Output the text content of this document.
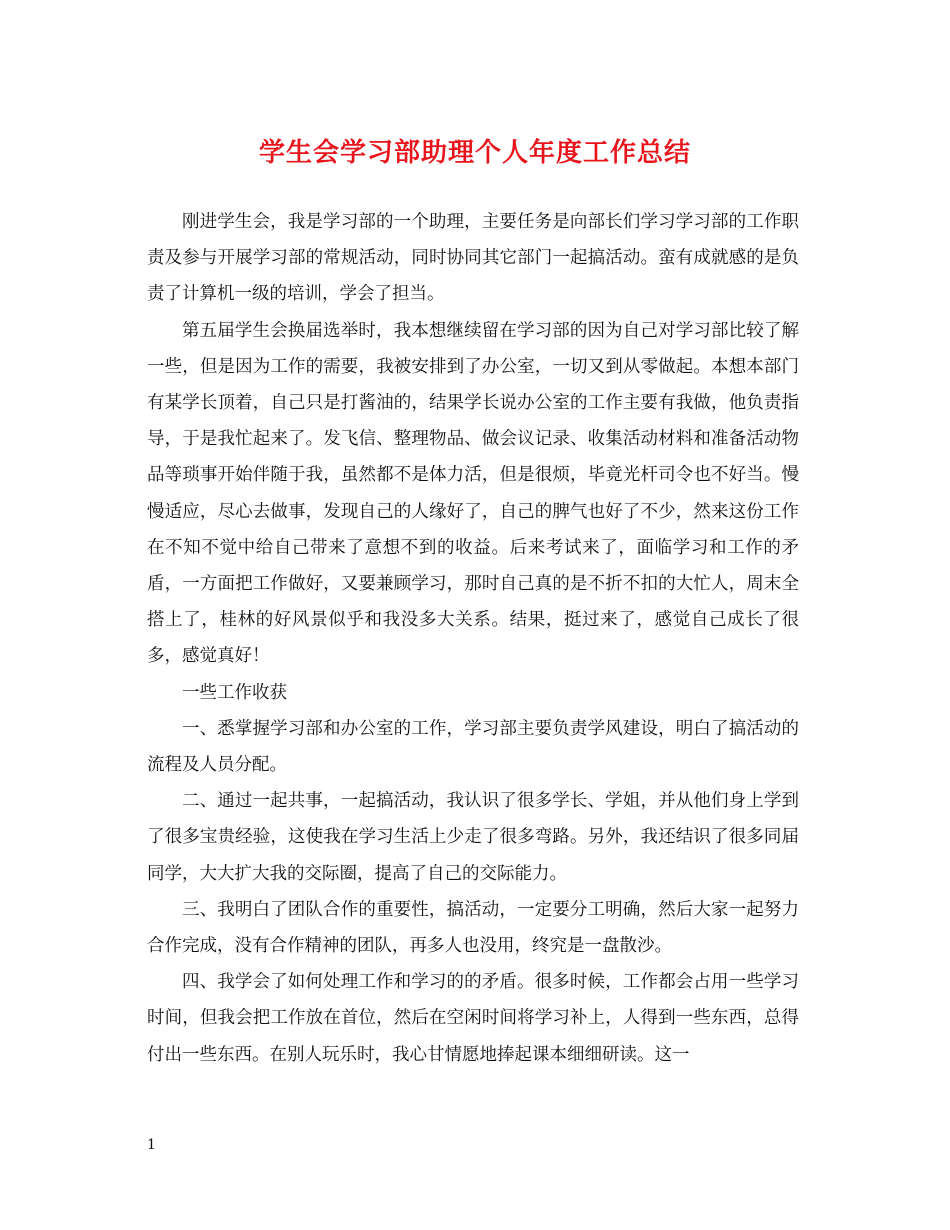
学生会学习部助理个人年度工作总结

刚进学生会，我是学习部的一个助理，主要任务是向部长们学习学习部的工作职责及参与开展学习部的常规活动，同时协同其它部门一起搞活动。蛮有成就感的是负责了计算机一级的培训，学会了担当。

第五届学生会换届选举时，我本想继续留在学习部的因为自己对学习部比较了解一些，但是因为工作的需要，我被安排到了办公室，一切又到从零做起。本想本部门有某学长顶着，自己只是打酱油的，结果学长说办公室的工作主要有我做，他负责指导，于是我忙起来了。发飞信、整理物品、做会议记录、收集活动材料和准备活动物品等琐事开始伴随于我，虽然都不是体力活，但是很烦，毕竟光杆司令也不好当。慢慢适应，尽心去做事，发现自己的人缘好了，自己的脾气也好了不少，然来这份工作在不知不觉中给自己带来了意想不到的收益。后来考试来了，面临学习和工作的矛盾，一方面把工作做好，又要兼顾学习，那时自己真的是不折不扣的大忙人，周末全搭上了，桂林的好风景似乎和我没多大关系。结果，挺过来了，感觉自己成长了很多，感觉真好！

一些工作收获

一、悉掌握学习部和办公室的工作，学习部主要负责学风建设，明白了搞活动的流程及人员分配。

二、通过一起共事，一起搞活动，我认识了很多学长、学姐，并从他们身上学到了很多宝贵经验，这使我在学习生活上少走了很多弯路。另外，我还结识了很多同届同学，大大扩大我的交际圈，提高了自己的交际能力。

三、我明白了团队合作的重要性，搞活动，一定要分工明确，然后大家一起努力合作完成，没有合作精神的团队，再多人也没用，终究是一盘散沙。

四、我学会了如何处理工作和学习的的矛盾。很多时候，工作都会占用一些学习时间，但我会把工作放在首位，然后在空闲时间将学习补上，人得到一些东西，总得付出一些东西。在别人玩乐时，我心甘情愿地捧起课本细细研读。这一

1
